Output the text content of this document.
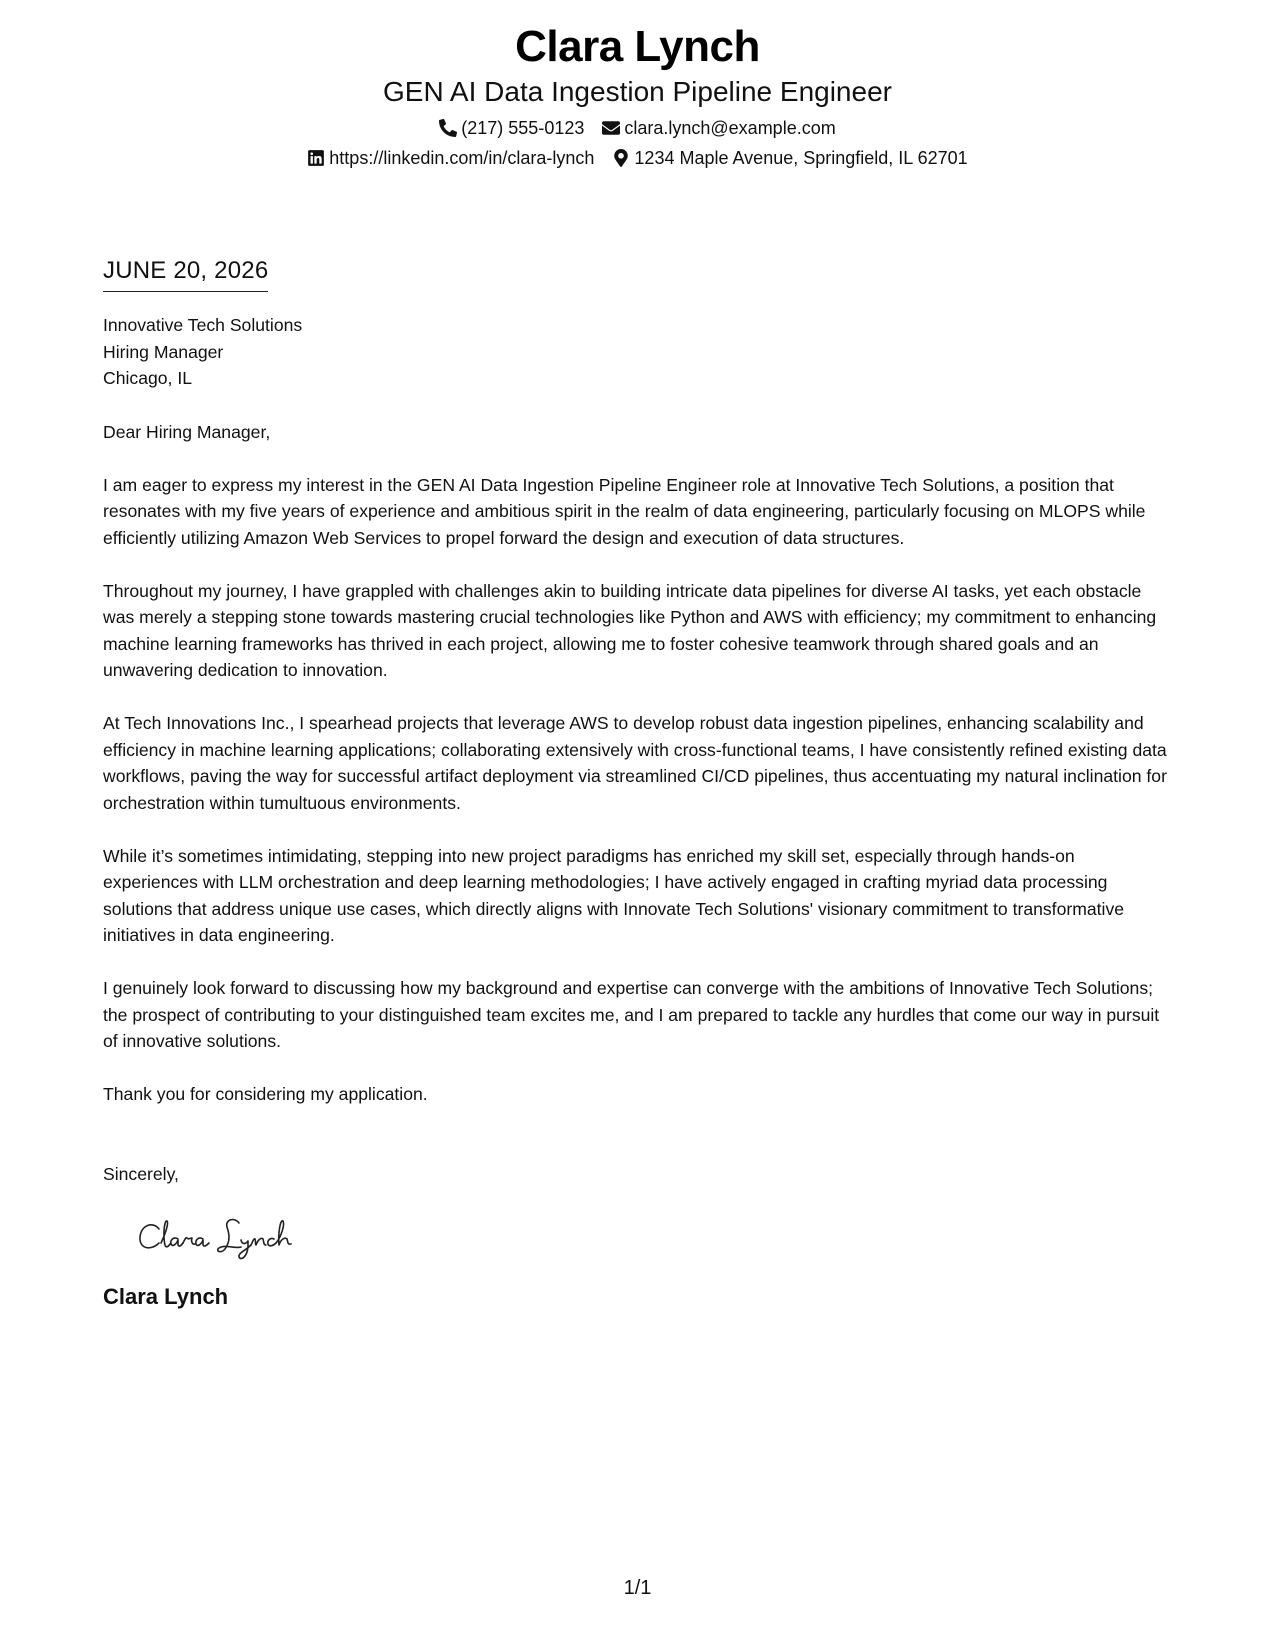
Clara Lynch
GEN AI Data Ingestion Pipeline Engineer
(217) 555-0123 clara.lynch@example.com
https://linkedin.com/in/clara-lynch 1234 Maple Avenue, Springfield, IL 62701
JUNE 20, 2026
Innovative Tech Solutions
Hiring Manager
Chicago, IL
Dear Hiring Manager,

I am eager to express my interest in the GEN AI Data Ingestion Pipeline Engineer role at Innovative Tech Solutions, a position that resonates with my five years of experience and ambitious spirit in the realm of data engineering, particularly focusing on MLOPS while efficiently utilizing Amazon Web Services to propel forward the design and execution of data structures.

Throughout my journey, I have grappled with challenges akin to building intricate data pipelines for diverse AI tasks, yet each obstacle was merely a stepping stone towards mastering crucial technologies like Python and AWS with efficiency; my commitment to enhancing machine learning frameworks has thrived in each project, allowing me to foster cohesive teamwork through shared goals and an unwavering dedication to innovation.

At Tech Innovations Inc., I spearhead projects that leverage AWS to develop robust data ingestion pipelines, enhancing scalability and efficiency in machine learning applications; collaborating extensively with cross-functional teams, I have consistently refined existing data workflows, paving the way for successful artifact deployment via streamlined CI/CD pipelines, thus accentuating my natural inclination for orchestration within tumultuous environments.

While it’s sometimes intimidating, stepping into new project paradigms has enriched my skill set, especially through hands-on experiences with LLM orchestration and deep learning methodologies; I have actively engaged in crafting myriad data processing solutions that address unique use cases, which directly aligns with Innovate Tech Solutions' visionary commitment to transformative initiatives in data engineering.

I genuinely look forward to discussing how my background and expertise can converge with the ambitions of Innovative Tech Solutions; the prospect of contributing to your distinguished team excites me, and I am prepared to tackle any hurdles that come our way in pursuit of innovative solutions.

Thank you for considering my application.

Sincerely,
Clara Lynch
1/1
